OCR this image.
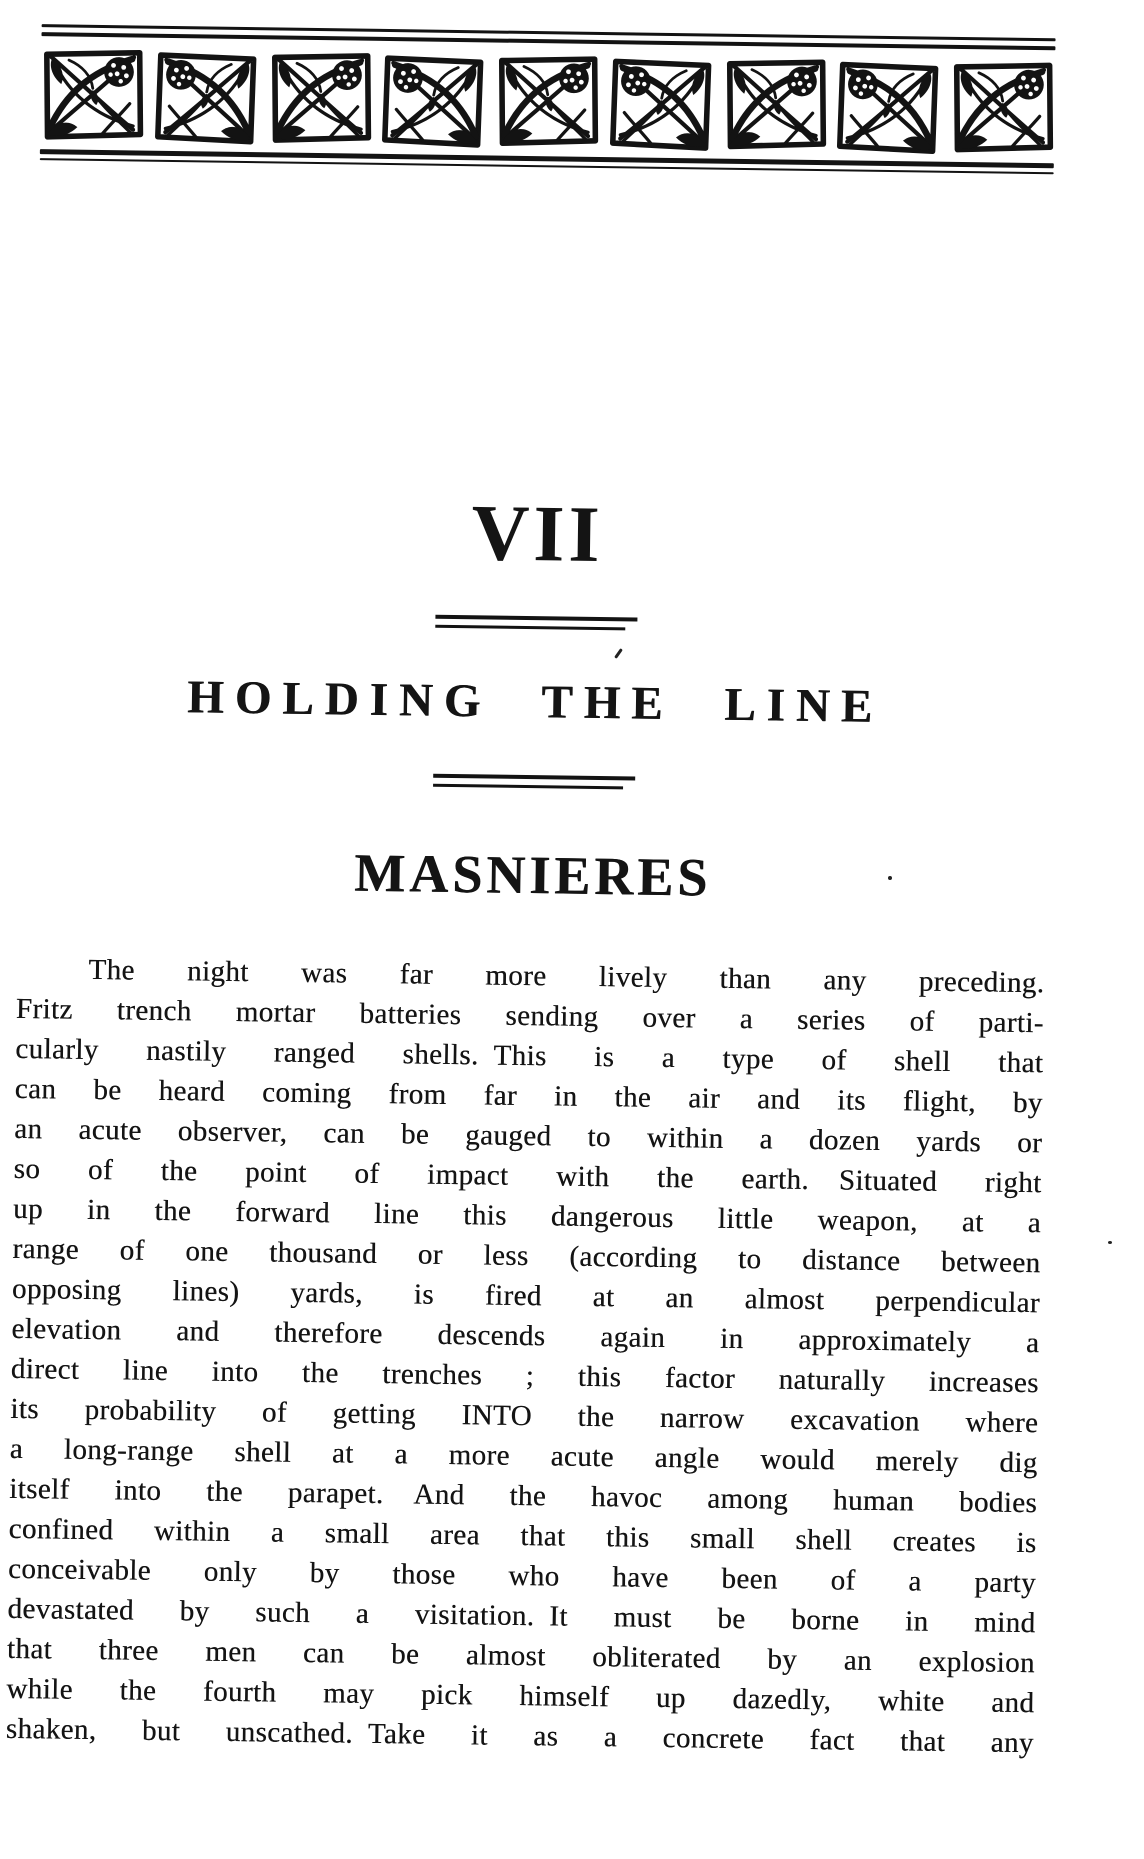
VII
HOLDING THE LINE
MASNIERES
The night was far more lively than any preceding.
Fritz trench mortar batteries sending over a series of parti-
cularly nastily ranged shells. This is a type of shell that
can be heard coming from far in the air and its flight, by
an acute observer, can be gauged to within a dozen yards or
so of the point of impact with the earth.  Situated right
up in the forward line this dangerous little weapon, at a
range of one thousand or less (according to distance between
opposing lines) yards, is fired at an almost perpendicular
elevation and therefore descends again in approximately a
direct line into the trenches ; this factor naturally increases
its probability of getting INTO the narrow excavation where
a long-range shell at a more acute angle would merely dig
itself into the parapet.  And the havoc among human bodies
confined within a small area that this small shell creates is
conceivable only by those who have been of a party
devastated by such a visitation. It must be borne in mind
that three men can be almost obliterated by an explosion
while the fourth may pick himself up dazedly, white and
shaken, but unscathed. Take it as a concrete fact that any
